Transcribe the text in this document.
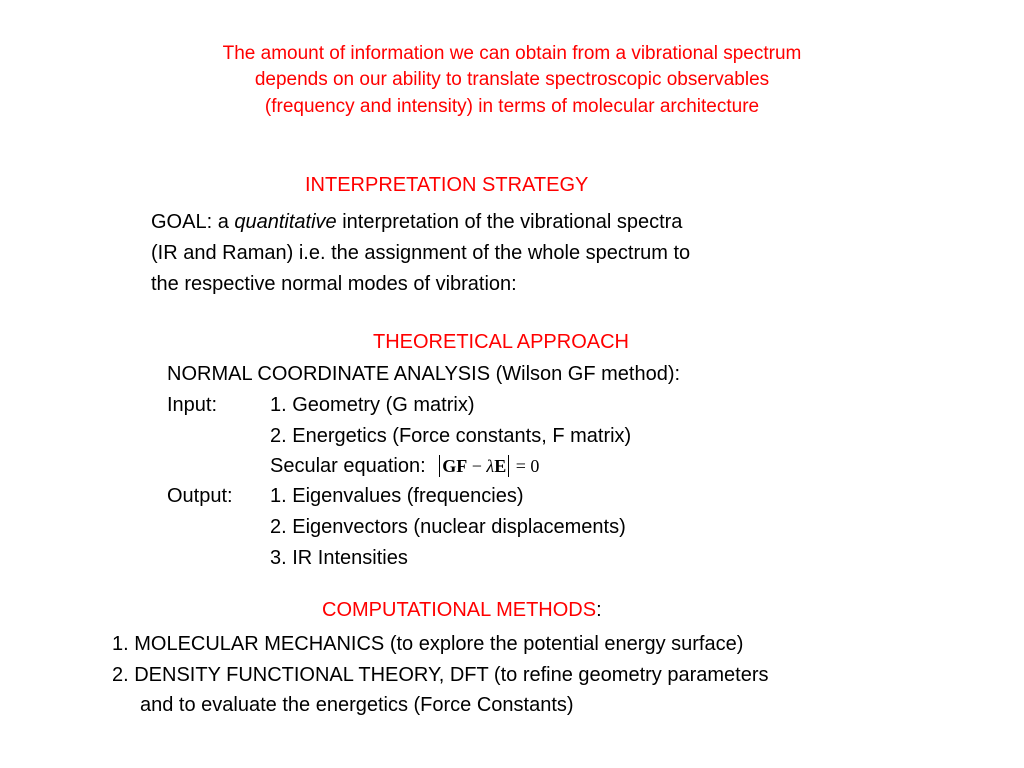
The amount of information we can obtain from a vibrational spectrum
depends on our ability to translate spectroscopic observables
(frequency and intensity) in terms of molecular architecture
INTERPRETATION STRATEGY
GOAL: a quantitative interpretation of the vibrational spectra
(IR and Raman) i.e. the assignment of the whole spectrum to
the respective normal modes of vibration:
THEORETICAL APPROACH
NORMAL COORDINATE ANALYSIS (Wilson GF method):
Input:	1. Geometry (G matrix)
2. Energetics (Force constants, F matrix)
Secular equation: GF − λE = 0
Output: 1. Eigenvalues (frequencies)
2. Eigenvectors (nuclear displacements)
3. IR Intensities
COMPUTATIONAL METHODS:
1. MOLECULAR MECHANICS (to explore the potential energy surface)
2. DENSITY FUNCTIONAL THEORY, DFT (to refine geometry parameters
and to evaluate the energetics (Force Constants)
